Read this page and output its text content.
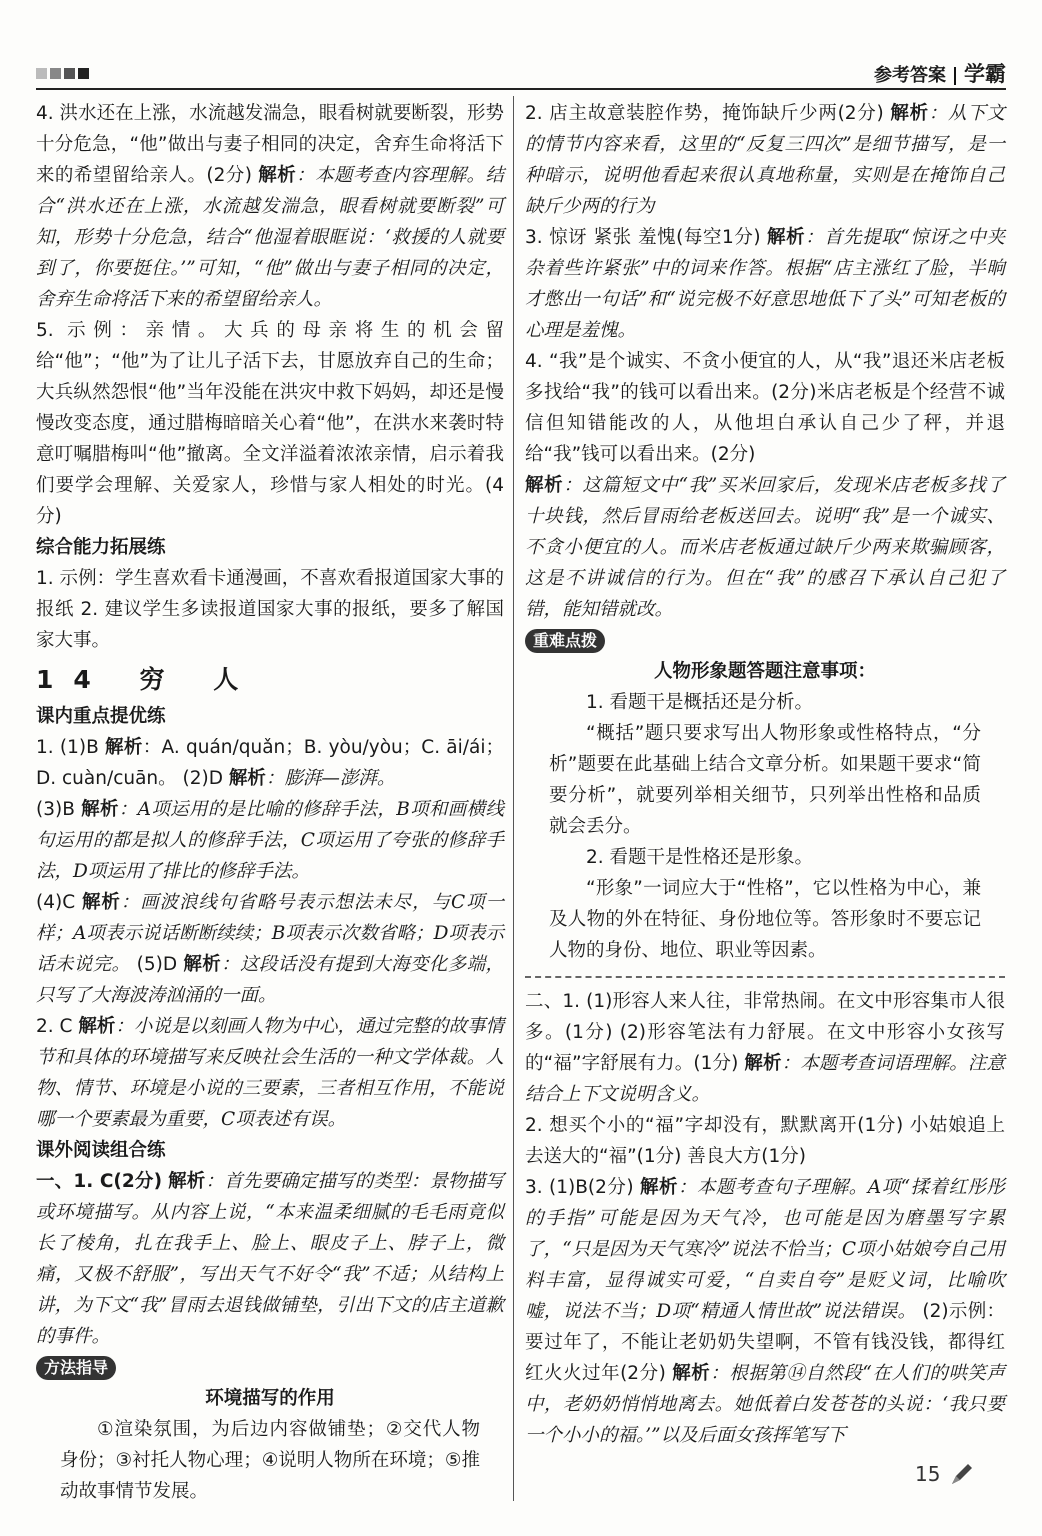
参考答案 学霸

4. 洪水还在上涨，水流越发湍急，眼看树就要断裂，形势十分危急，“他”做出与妻子相同的决定，舍弃生命将活下来的希望留给亲人。(2分) 解析：本题考查内容理解。结合“洪水还在上涨，水流越发湍急，眼看树就要断裂”可知，形势十分危急，结合“他湿着眼眶说：‘救援的人就要到了，你要挺住。’”可知，“他”做出与妻子相同的决定，舍弃生命将活下来的希望留给亲人。

5. 示例：亲情。大兵的母亲将生的机会留给“他”；“他”为了让儿子活下去，甘愿放弃自己的生命；大兵纵然怨恨“他”当年没能在洪灾中救下妈妈，却还是慢慢改变态度，通过腊梅暗暗关心着“他”，在洪水来袭时特意叮嘱腊梅叫“他”撤离。全文洋溢着浓浓亲情，启示着我们要学会理解、关爱家人，珍惜与家人相处的时光。(4分)

综合能力拓展练

1. 示例：学生喜欢看卡通漫画，不喜欢看报道国家大事的报纸 2. 建议学生多读报道国家大事的报纸，要多了解国家大事。

14 穷 人

课内重点提优练

1. (1)B 解析：A. quán/quǎn；B. yòu/yòu；C. āi/ái；D. cuàn/cuān。 (2)D 解析：膨湃—澎湃。

(3)B 解析：A项运用的是比喻的修辞手法，B项和画横线句运用的都是拟人的修辞手法，C项运用了夸张的修辞手法，D项运用了排比的修辞手法。

(4)C 解析：画波浪线句省略号表示想法未尽，与C项一样；A项表示说话断断续续；B项表示次数省略；D项表示话未说完。 (5)D 解析：这段话没有提到大海变化多端，只写了大海波涛汹涌的一面。

2. C 解析：小说是以刻画人物为中心，通过完整的故事情节和具体的环境描写来反映社会生活的一种文学体裁。人物、情节、环境是小说的三要素，三者相互作用，不能说哪一个要素最为重要，C项表述有误。

课外阅读组合练

一、1. C(2分) 解析：首先要确定描写的类型：景物描写或环境描写。从内容上说，“本来温柔细腻的毛毛雨竟似长了棱角，扎在我手上、脸上、眼皮子上、脖子上，微痛，又极不舒服”，写出天气不好令“我”不适；从结构上讲，为下文“我”冒雨去退钱做铺垫，引出下文的店主道歉的事件。

方法指导

环境描写的作用

①渲染氛围，为后边内容做铺垫；②交代人物身份；③衬托人物心理；④说明人物所在环境；⑤推动故事情节发展。

2. 店主故意装腔作势，掩饰缺斤少两(2分) 解析：从下文的情节内容来看，这里的“反复三四次”是细节描写，是一种暗示，说明他看起来很认真地称量，实则是在掩饰自己缺斤少两的行为

3. 惊讶 紧张 羞愧(每空1分) 解析：首先提取“惊讶之中夹杂着些许紧张”中的词来作答。根据“店主涨红了脸，半晌才憋出一句话”和“说完极不好意思地低下了头”可知老板的心理是羞愧。

4. “我”是个诚实、不贪小便宜的人，从“我”退还米店老板多找给“我”的钱可以看出来。(2分)米店老板是个经营不诚信但知错能改的人，从他坦白承认自己少了秤，并退给“我”钱可以看出来。(2分)

解析：这篇短文中“我”买米回家后，发现米店老板多找了十块钱，然后冒雨给老板送回去。说明“我”是一个诚实、不贪小便宜的人。而米店老板通过缺斤少两来欺骗顾客，这是不讲诚信的行为。但在“我”的感召下承认自己犯了错，能知错就改。

重难点拨

人物形象题答题注意事项：

1. 看题干是概括还是分析。

“概括”题只要求写出人物形象或性格特点，“分析”题要在此基础上结合文章分析。如果题干要求“简要分析”，就要列举相关细节，只列举出性格和品质就会丢分。

2. 看题干是性格还是形象。

“形象”一词应大于“性格”，它以性格为中心，兼及人物的外在特征、身份地位等。答形象时不要忘记人物的身份、地位、职业等因素。

二、1. (1)形容人来人往，非常热闹。在文中形容集市人很多。(1分) (2)形容笔法有力舒展。在文中形容小女孩写的“福”字舒展有力。(1分) 解析：本题考查词语理解。注意结合上下文说明含义。

2. 想买个小的“福”字却没有，默默离开(1分) 小姑娘追上去送大的“福”(1分) 善良大方(1分)

3. (1)B(2分) 解析：本题考查句子理解。A项“揉着红彤彤的手指”可能是因为天气冷，也可能是因为磨墨写字累了，“只是因为天气寒冷”说法不恰当；C项小姑娘夸自己用料丰富，显得诚实可爱，“自卖自夸”是贬义词，比喻吹嘘，说法不当；D项“精通人情世故”说法错误。 (2)示例：要过年了，不能让老奶奶失望啊，不管有钱没钱，都得红红火火过年(2分) 解析：根据第⑭自然段“在人们的哄笑声中，老奶奶悄悄地离去。她低着白发苍苍的头说：‘我只要一个小小的福。’”以及后面女孩挥笔写下

15
